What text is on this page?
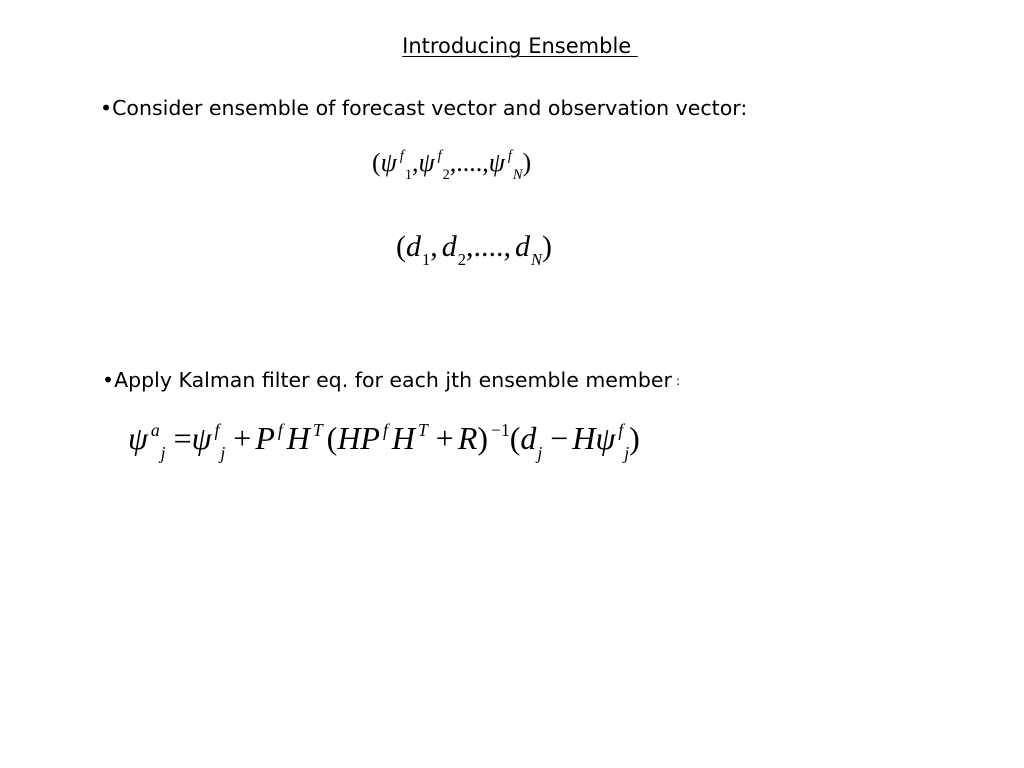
Introducing Ensemble
•Consider ensemble of forecast vector and observation vector:
(ψ $^f_1$,ψ $^f_2$,....,ψ $^f_N$)
($d_1$, $d_2$,...., $d_N$)
•Apply Kalman filter eq. for each jth ensemble member :
ψ $^a_j$ =ψ $^f_j$ + P $^f$ H $^T$ (HP $^f$ H $^T$ + R) $^{-1}(d_j - H\psi$ $^f_j$)
